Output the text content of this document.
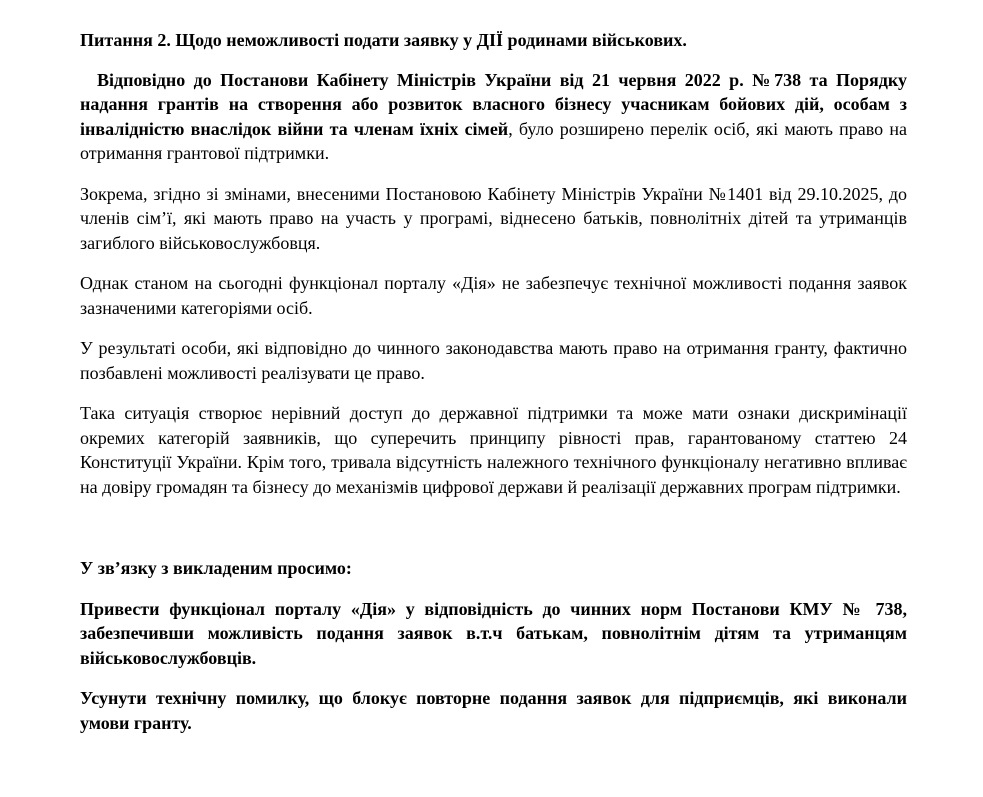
Питання 2. Щодо неможливості подати заявку у ДІЇ родинами військових.

Відповідно до Постанови Кабінету Міністрів України від 21 червня 2022 р. №738 та Порядку надання грантів на створення або розвиток власного бізнесу учасникам бойових дій, особам з інвалідністю внаслідок війни та членам їхніх сімей, було розширено перелік осіб, які мають право на отримання грантової підтримки.

Зокрема, згідно зі змінами, внесеними Постановою Кабінету Міністрів України №1401 від 29.10.2025, до членів сім’ї, які мають право на участь у програмі, віднесено батьків, повнолітніх дітей та утриманців загиблого військовослужбовця.

Однак станом на сьогодні функціонал порталу «Дія» не забезпечує технічної можливості подання заявок зазначеними категоріями осіб.

У результаті особи, які відповідно до чинного законодавства мають право на отримання гранту, фактично позбавлені можливості реалізувати це право.

Така ситуація створює нерівний доступ до державної підтримки та може мати ознаки дискримінації окремих категорій заявників, що суперечить принципу рівності прав, гарантованому статтею 24 Конституції України. Крім того, тривала відсутність належного технічного функціоналу негативно впливає на довіру громадян та бізнесу до механізмів цифрової держави й реалізації державних програм підтримки.

У зв’язку з викладеним просимо:

Привести функціонал порталу «Дія» у відповідність до чинних норм Постанови КМУ № 738, забезпечивши можливість подання заявок в.т.ч батькам, повнолітнім дітям та утриманцям військовослужбовців.

Усунути технічну помилку, що блокує повторне подання заявок для підприємців, які виконали умови гранту.
